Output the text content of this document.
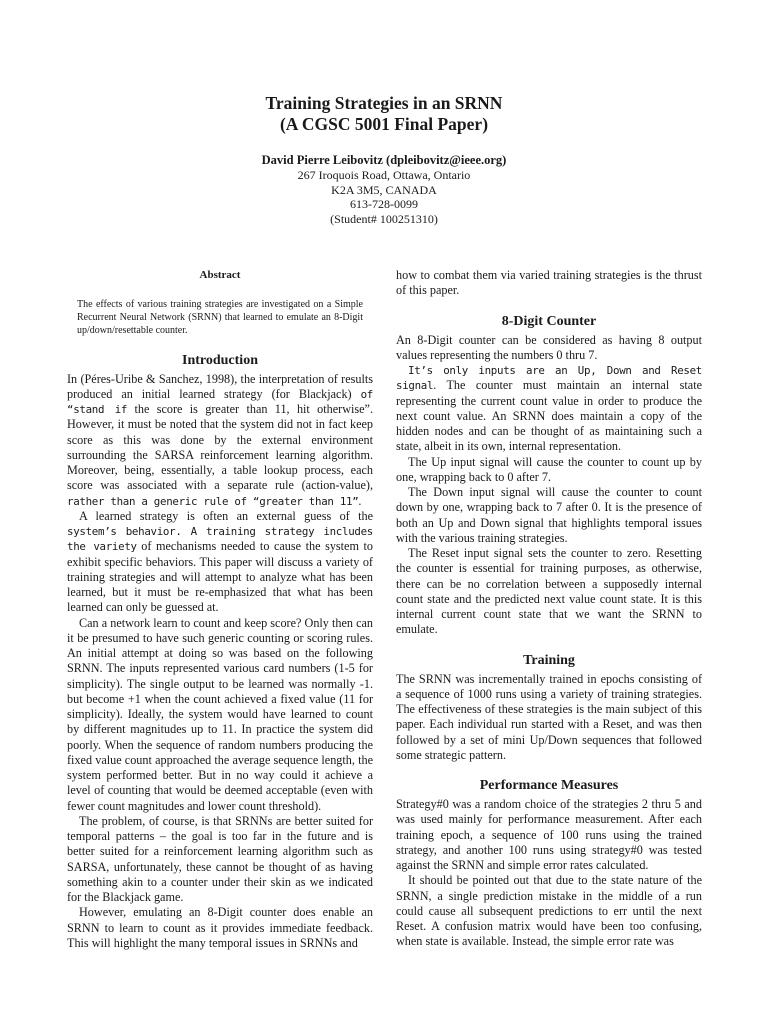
Training Strategies in an SRNN
(A CGSC 5001 Final Paper)
David Pierre Leibovitz (dpleibovitz@ieee.org)
267 Iroquois Road, Ottawa, Ontario
K2A 3M5, CANADA
613-728-0099
(Student# 100251310)
Abstract

The effects of various training strategies are investigated on a Simple Recurrent Neural Network (SRNN) that learned to emulate an 8-Digit up/down/resettable counter.

Introduction

In (Péres-Uribe & Sanchez, 1998), the interpretation of results produced an initial learned strategy (for Blackjack) of “stand if the score is greater than 11, hit otherwise”. However, it must be noted that the system did not in fact keep score as this was done by the external environment surrounding the SARSA reinforcement learning algorithm. Moreover, being, essentially, a table lookup process, each score was associated with a separate rule (action-value), rather than a generic rule of “greater than 11”.

A learned strategy is often an external guess of the system’s behavior. A training strategy includes the variety of mechanisms needed to cause the system to exhibit specific behaviors. This paper will discuss a variety of training strategies and will attempt to analyze what has been learned, but it must be re-emphasized that what has been learned can only be guessed at.

Can a network learn to count and keep score? Only then can it be presumed to have such generic counting or scoring rules. An initial attempt at doing so was based on the following SRNN. The inputs represented various card numbers (1-5 for simplicity). The single output to be learned was normally -1. but become +1 when the count achieved a fixed value (11 for simplicity). Ideally, the system would have learned to count by different magnitudes up to 11. In practice the system did poorly. When the sequence of random numbers producing the fixed value count approached the average sequence length, the system performed better. But in no way could it achieve a level of counting that would be deemed acceptable (even with fewer count magnitudes and lower count threshold).

The problem, of course, is that SRNNs are better suited for temporal patterns – the goal is too far in the future and is better suited for a reinforcement learning algorithm such as SARSA, unfortunately, these cannot be thought of as having something akin to a counter under their skin as we indicated for the Blackjack game.

However, emulating an 8-Digit counter does enable an SRNN to learn to count as it provides immediate feedback. This will highlight the many temporal issues in SRNNs and

how to combat them via varied training strategies is the thrust of this paper.

8-Digit Counter

An 8-Digit counter can be considered as having 8 output values representing the numbers 0 thru 7.

It’s only inputs are an Up, Down and Reset signal. The counter must maintain an internal state representing the current count value in order to produce the next count value. An SRNN does maintain a copy of the hidden nodes and can be thought of as maintaining such a state, albeit in its own, internal representation.

The Up input signal will cause the counter to count up by one, wrapping back to 0 after 7.

The Down input signal will cause the counter to count down by one, wrapping back to 7 after 0. It is the presence of both an Up and Down signal that highlights temporal issues with the various training strategies.

The Reset input signal sets the counter to zero. Resetting the counter is essential for training purposes, as otherwise, there can be no correlation between a supposedly internal count state and the predicted next value count state. It is this internal current count state that we want the SRNN to emulate.

Training

The SRNN was incrementally trained in epochs consisting of a sequence of 1000 runs using a variety of training strategies. The effectiveness of these strategies is the main subject of this paper. Each individual run started with a Reset, and was then followed by a set of mini Up/Down sequences that followed some strategic pattern.

Performance Measures

Strategy#0 was a random choice of the strategies 2 thru 5 and was used mainly for performance measurement. After each training epoch, a sequence of 100 runs using the trained strategy, and another 100 runs using strategy#0 was tested against the SRNN and simple error rates calculated.

It should be pointed out that due to the state nature of the SRNN, a single prediction mistake in the middle of a run could cause all subsequent predictions to err until the next Reset. A confusion matrix would have been too confusing, when state is available. Instead, the simple error rate was
